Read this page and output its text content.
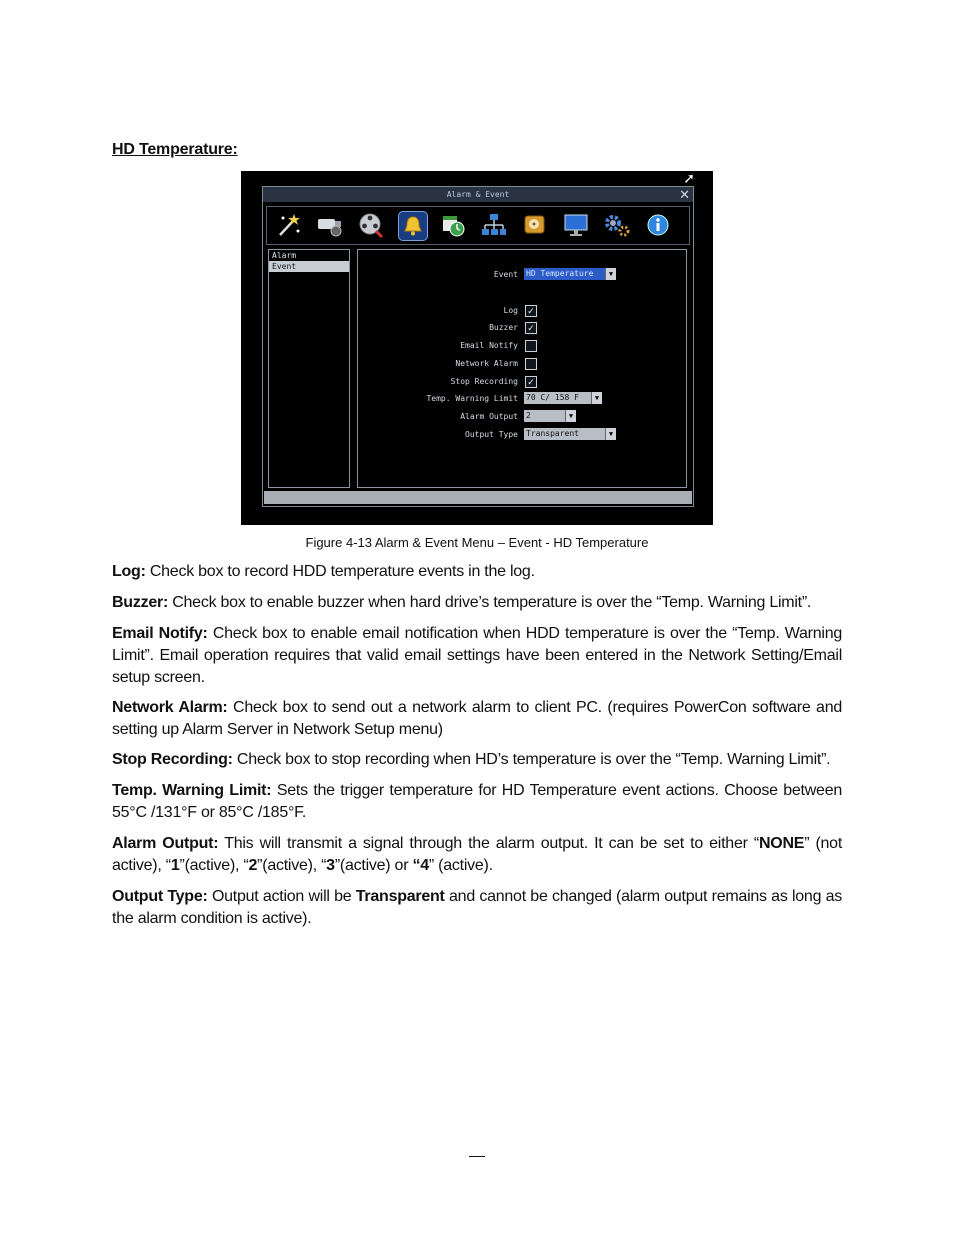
HD Temperature:
➚
Alarm & Event	✕
Alarm
Event
Event HD Temperature	▼
Log ✓
Buzzer ✓
Email Notify
Network Alarm
Stop Recording ✓
Temp. Warning Limit 70 C/ 158 F	▼
Alarm Output 2	▼
Output Type Transparent	▼
Figure 4-13 Alarm & Event Menu – Event - HD Temperature
Log: Check box to record HDD temperature events in the log.
Buzzer: Check box to enable buzzer when hard drive’s temperature is over the “Temp. Warning Limit”.
Email Notify: Check box to enable email notification when HDD temperature is over the “Temp. Warning Limit”. Email operation requires that valid email settings have been entered in the Network Setting/Email setup screen.
Network Alarm: Check box to send out a network alarm to client PC. (requires PowerCon software and setting up Alarm Server in Network Setup menu)
Stop Recording: Check box to stop recording when HD’s temperature is over the “Temp. Warning Limit”.
Temp. Warning Limit: Sets the trigger temperature for HD Temperature event actions. Choose between 55°C /131°F or 85°C /185°F.
Alarm Output: This will transmit a signal through the alarm output. It can be set to either “NONE” (not active), “1”(active), “2”(active), “3”(active) or “4” (active).
Output Type: Output action will be Transparent and cannot be changed (alarm output remains as long as the alarm condition is active).
